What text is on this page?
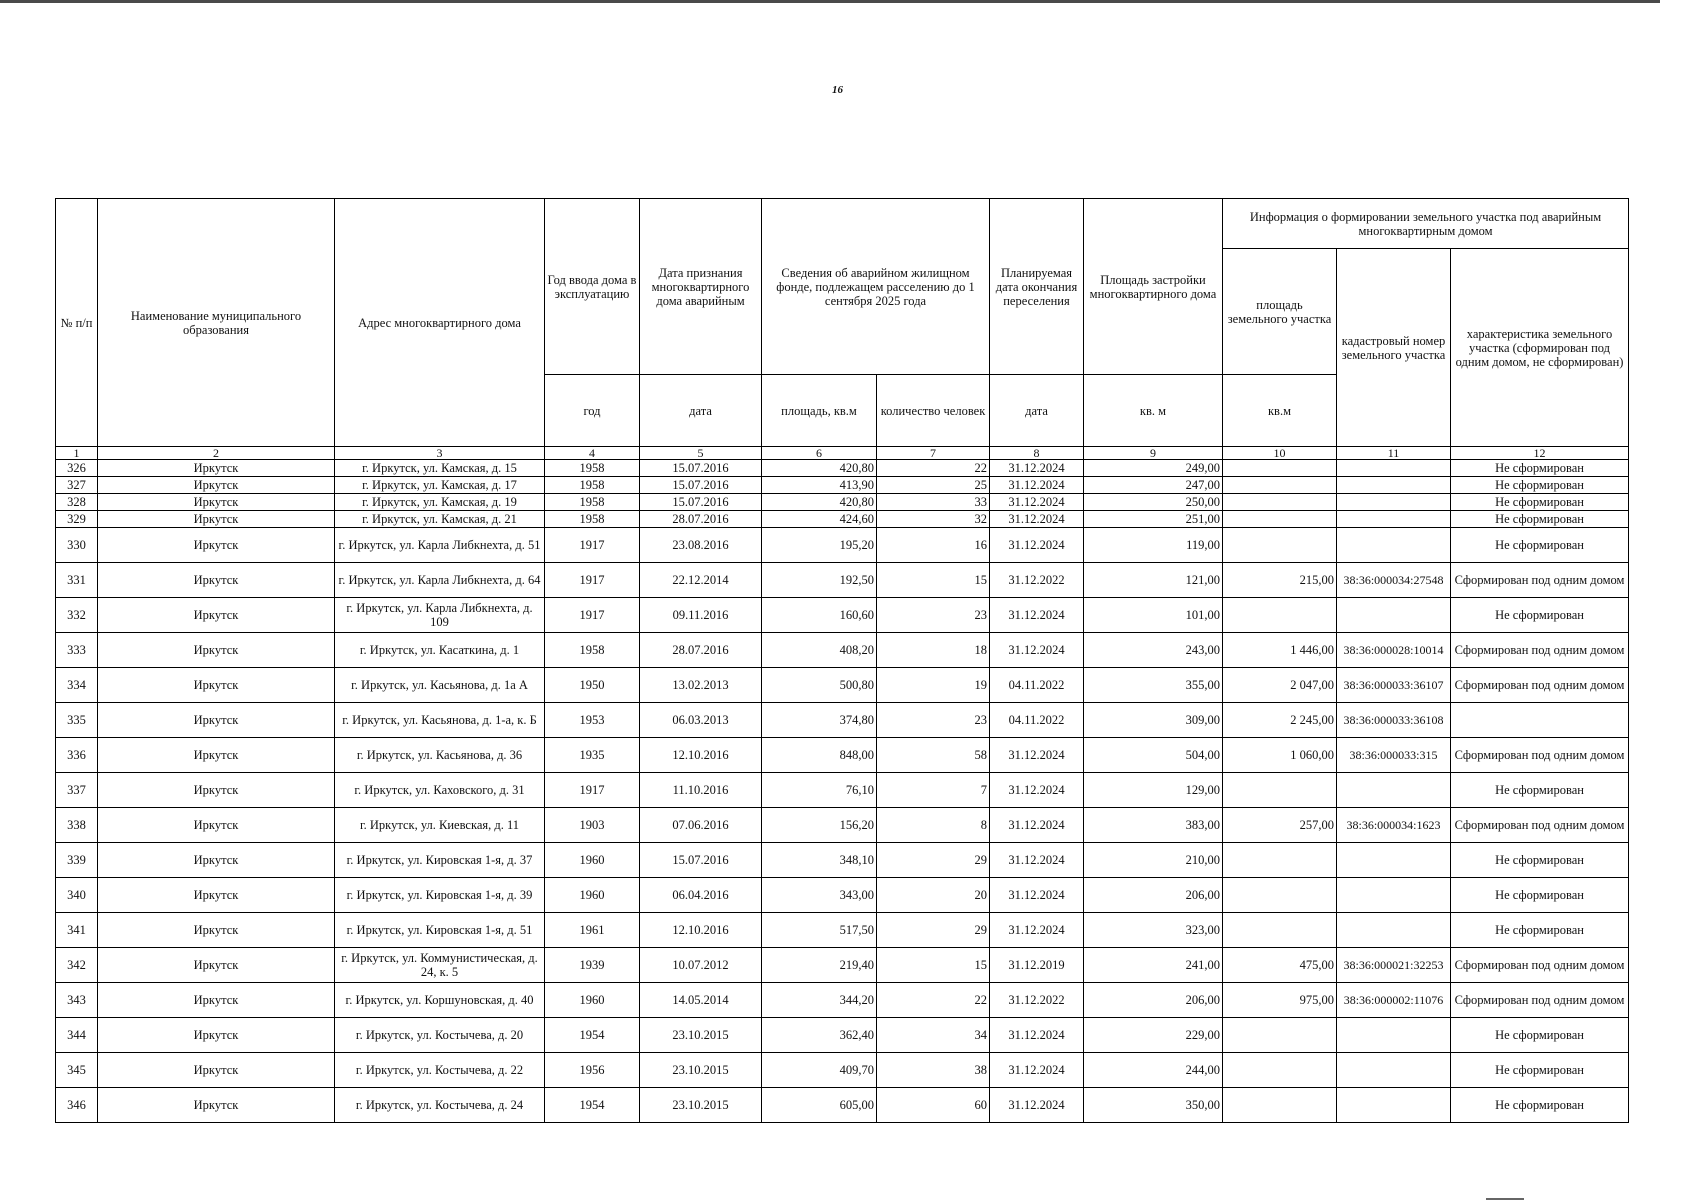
16
№ п/п	Наименование муниципального образования	Адрес многоквартирного дома	Год ввода дома в эксплуатацию	Дата признания многоквартирного дома аварийным	Сведения об аварийном жилищном фонде, подлежащем расселению до 1 сентября 2025 года		Планируемая дата окончания переселения	Площадь застройки многоквартирного дома	Информация о формировании земельного участка под аварийным многоквартирным домом		
									площадь земельного участка	кадастровый номер земельного участка	характеристика земельного участка (сформирован под одним домом, не сформирован)
			год	дата	площадь, кв.м	количество человек	дата	кв. м	кв.м		
1	2	3	4	5	6	7	8	9	10	11	12
326	Иркутск	г. Иркутск, ул. Камская, д. 15	1958	15.07.2016	420,80	22	31.12.2024	249,00			Не сформирован
327	Иркутск	г. Иркутск, ул. Камская, д. 17	1958	15.07.2016	413,90	25	31.12.2024	247,00			Не сформирован
328	Иркутск	г. Иркутск, ул. Камская, д. 19	1958	15.07.2016	420,80	33	31.12.2024	250,00			Не сформирован
329	Иркутск	г. Иркутск, ул. Камская, д. 21	1958	28.07.2016	424,60	32	31.12.2024	251,00			Не сформирован
330	Иркутск	г. Иркутск, ул. Карла Либкнехта, д. 51	1917	23.08.2016	195,20	16	31.12.2024	119,00			Не сформирован
331	Иркутск	г. Иркутск, ул. Карла Либкнехта, д. 64	1917	22.12.2014	192,50	15	31.12.2022	121,00	215,00	38:36:000034:27548	Сформирован под одним домом
332	Иркутск	г. Иркутск, ул. Карла Либкнехта, д. 109	1917	09.11.2016	160,60	23	31.12.2024	101,00			Не сформирован
333	Иркутск	г. Иркутск, ул. Касаткина, д. 1	1958	28.07.2016	408,20	18	31.12.2024	243,00	1 446,00	38:36:000028:10014	Сформирован под одним домом
334	Иркутск	г. Иркутск, ул. Касьянова, д. 1а А	1950	13.02.2013	500,80	19	04.11.2022	355,00	2 047,00	38:36:000033:36107	Сформирован под одним домом
335	Иркутск	г. Иркутск, ул. Касьянова, д. 1-а, к. Б	1953	06.03.2013	374,80	23	04.11.2022	309,00	2 245,00	38:36:000033:36108	
336	Иркутск	г. Иркутск, ул. Касьянова, д. 36	1935	12.10.2016	848,00	58	31.12.2024	504,00	1 060,00	38:36:000033:315	Сформирован под одним домом
337	Иркутск	г. Иркутск, ул. Каховского, д. 31	1917	11.10.2016	76,10	7	31.12.2024	129,00			Не сформирован
338	Иркутск	г. Иркутск, ул. Киевская, д. 11	1903	07.06.2016	156,20	8	31.12.2024	383,00	257,00	38:36:000034:1623	Сформирован под одним домом
339	Иркутск	г. Иркутск, ул. Кировская 1-я, д. 37	1960	15.07.2016	348,10	29	31.12.2024	210,00			Не сформирован
340	Иркутск	г. Иркутск, ул. Кировская 1-я, д. 39	1960	06.04.2016	343,00	20	31.12.2024	206,00			Не сформирован
341	Иркутск	г. Иркутск, ул. Кировская 1-я, д. 51	1961	12.10.2016	517,50	29	31.12.2024	323,00			Не сформирован
342	Иркутск	г. Иркутск, ул. Коммунистическая, д. 24, к. 5	1939	10.07.2012	219,40	15	31.12.2019	241,00	475,00	38:36:000021:32253	Сформирован под одним домом
343	Иркутск	г. Иркутск, ул. Коршуновская, д. 40	1960	14.05.2014	344,20	22	31.12.2022	206,00	975,00	38:36:000002:11076	Сформирован под одним домом
344	Иркутск	г. Иркутск, ул. Костычева, д. 20	1954	23.10.2015	362,40	34	31.12.2024	229,00			Не сформирован
345	Иркутск	г. Иркутск, ул. Костычева, д. 22	1956	23.10.2015	409,70	38	31.12.2024	244,00			Не сформирован
346	Иркутск	г. Иркутск, ул. Костычева, д. 24	1954	23.10.2015	605,00	60	31.12.2024	350,00			Не сформирован
